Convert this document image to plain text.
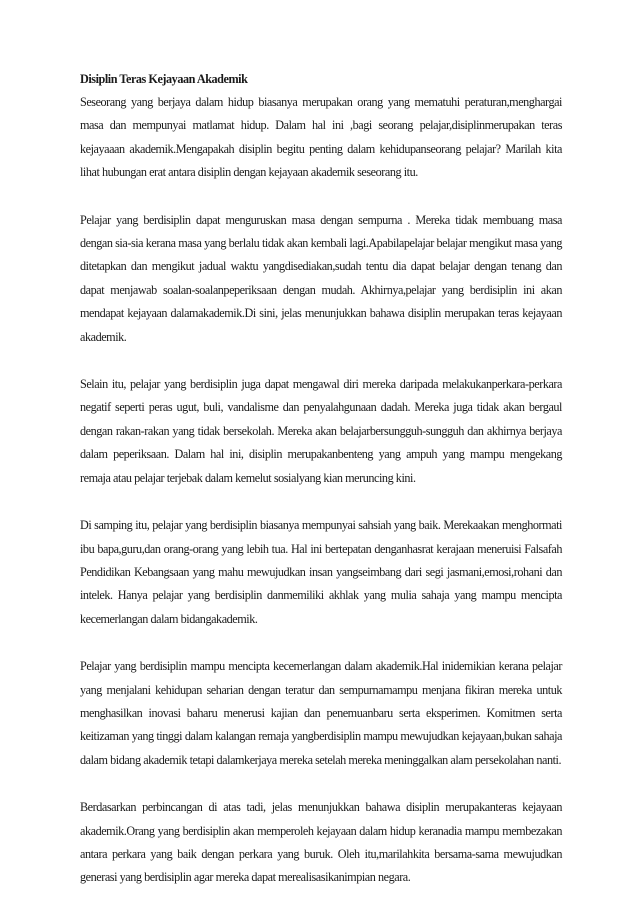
Disiplin Teras Kejayaan Akademik

Seseorang yang berjaya dalam hidup biasanya merupakan orang yang mematuhi peraturan,menghargai masa dan mempunyai matlamat hidup. Dalam hal ini ,bagi seorang pelajar,disiplinmerupakan teras kejayaaan akademik.Mengapakah disiplin begitu penting dalam kehidupanseorang pelajar? Marilah kita lihat hubungan erat antara disiplin dengan kejayaan akademik seseorang itu.

Pelajar yang berdisiplin dapat menguruskan masa dengan sempurna . Mereka tidak membuang masa dengan sia-sia kerana masa yang berlalu tidak akan kembali lagi.Apabilapelajar belajar mengikut masa yang ditetapkan dan mengikut jadual waktu yangdisediakan,sudah tentu dia dapat belajar dengan tenang dan dapat menjawab soalan-soalanpeperiksaan dengan mudah. Akhirnya,pelajar yang berdisiplin ini akan mendapat kejayaan dalamakademik.Di sini, jelas menunjukkan bahawa disiplin merupakan teras kejayaan akademik.

Selain itu, pelajar yang berdisiplin juga dapat mengawal diri mereka daripada melakukanperkara-perkara negatif seperti peras ugut, buli, vandalisme dan penyalahgunaan dadah. Mereka juga tidak akan bergaul dengan rakan-rakan yang tidak bersekolah. Mereka akan belajarbersungguh-sungguh dan akhirnya berjaya dalam peperiksaan. Dalam hal ini, disiplin merupakanbenteng yang ampuh yang mampu mengekang remaja atau pelajar terjebak dalam kemelut sosialyang kian meruncing kini.

Di samping itu, pelajar yang berdisiplin biasanya mempunyai sahsiah yang baik. Merekaakan menghormati ibu bapa,guru,dan orang-orang yang lebih tua. Hal ini bertepatan denganhasrat kerajaan meneruisi Falsafah Pendidikan Kebangsaan yang mahu mewujudkan insan yangseimbang dari segi jasmani,emosi,rohani dan intelek. Hanya pelajar yang berdisiplin danmemiliki akhlak yang mulia sahaja yang mampu mencipta kecemerlangan dalam bidangakademik.

Pelajar yang berdisiplin mampu mencipta kecemerlangan dalam akademik.Hal inidemikian kerana pelajar yang menjalani kehidupan seharian dengan teratur dan sempurnamampu menjana fikiran mereka untuk menghasilkan inovasi baharu menerusi kajian dan penemuanbaru serta eksperimen. Komitmen serta keitizaman yang tinggi dalam kalangan remaja yangberdisiplin mampu mewujudkan kejayaan,bukan sahaja dalam bidang akademik tetapi dalamkerjaya mereka setelah mereka meninggalkan alam persekolahan nanti.

Berdasarkan perbincangan di atas tadi, jelas menunjukkan bahawa disiplin merupakanteras kejayaan akademik.Orang yang berdisiplin akan memperoleh kejayaan dalam hidup keranadia mampu membezakan antara perkara yang baik dengan perkara yang buruk. Oleh itu,marilahkita bersama-sama mewujudkan generasi yang berdisiplin agar mereka dapat merealisasikanimpian negara.
